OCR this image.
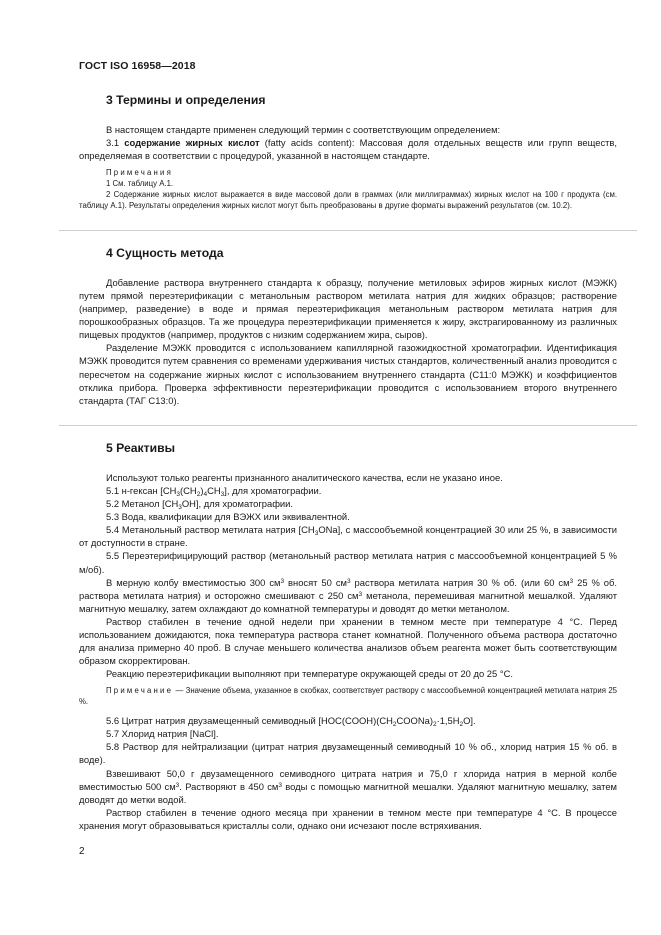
ГОСТ ISO 16958—2018
3 Термины и определения

В настоящем стандарте применен следующий термин с соответствующим определением:

3.1 содержание жирных кислот (fatty acids content): Массовая доля отдельных веществ или групп веществ, определяемая в соответствии с процедурой, указанной в настоящем стандарте.

Примечания

1 См. таблицу А.1.

2 Содержание жирных кислот выражается в виде массовой доли в граммах (или миллиграммах) жирных кислот на 100 г продукта (см. таблицу А.1). Результаты определения жирных кислот могут быть преобразованы в другие форматы выражений результатов (см. 10.2).

4 Сущность метода

Добавление раствора внутреннего стандарта к образцу, получение метиловых эфиров жирных кислот (МЭЖК) путем прямой переэтерификации с метанольным раствором метилата натрия для жидких образцов; растворение (например, разведение) в воде и прямая переэтерификация метанольным раствором метилата натрия для порошкообразных образцов. Та же процедура переэтерификации применяется к жиру, экстрагированному из различных пищевых продуктов (например, продуктов с низким содержанием жира, сыров).

Разделение МЭЖК проводится с использованием капиллярной газожидкостной хроматографии. Идентификация МЭЖК проводится путем сравнения со временами удерживания чистых стандартов, количественный анализ проводится с пересчетом на содержание жирных кислот с использованием внутреннего стандарта (С11:0 МЭЖК) и коэффициентов отклика прибора. Проверка эффективности переэтерификации проводится с использованием второго внутреннего стандарта (ТАГ С13:0).

5 Реактивы

Используют только реагенты признанного аналитического качества, если не указано иное.

5.1 н-гексан $[CH_3(CH_2)_4CH_3]$, для хроматографии.

5.2 Метанол $[CH_3OH]$, для хроматографии.

5.3 Вода, квалификации для ВЭЖХ или эквивалентной.

5.4 Метанольный раствор метилата натрия $[CH_3ONa]$, с массообъемной концентрацией 30 или 25 %, в зависимости от доступности в стране.

5.5 Переэтерифицирующий раствор (метанольный раствор метилата натрия с массообъемной концентрацией 5 % м/об).

В мерную колбу вместимостью 300 $см^3$ вносят 50 $см^3$ раствора метилата натрия 30 % об. (или 60 $см^3$ 25 % об. раствора метилата натрия) и осторожно смешивают с 250 $см^3$ метанола, перемешивая магнитной мешалкой. Удаляют магнитную мешалку, затем охлаждают до комнатной температуры и доводят до метки метанолом.

Раствор стабилен в течение одной недели при хранении в темном месте при температуре 4 °С. Перед использованием дожидаются, пока температура раствора станет комнатной. Полученного объема раствора достаточно для анализа примерно 40 проб. В случае меньшего количества анализов объем реагента может быть соответствующим образом скорректирован.

Реакцию переэтерификации выполняют при температуре окружающей среды от 20 до 25 °С.

Примечание — Значение объема, указанное в скобках, соответствует раствору с массообъемной концентрацией метилата натрия 25 %.

5.6 Цитрат натрия двузамещенный семиводный $[HOC(COOH)(CH_2COONa)_2\cdot 1,5H_2O]$.

5.7 Хлорид натрия [NaCl].

5.8 Раствор для нейтрализации (цитрат натрия двузамещенный семиводный 10 % об., хлорид натрия 15 % об. в воде).

Взвешивают 50,0 г двузамещенного семиводного цитрата натрия и 75,0 г хлорида натрия в мерной колбе вместимостью 500 $см^3$. Растворяют в 450 $см^3$ воды с помощью магнитной мешалки. Удаляют магнитную мешалку, затем доводят до метки водой.

Раствор стабилен в течение одного месяца при хранении в темном месте при температуре 4 °С. В процессе хранения могут образовываться кристаллы соли, однако они исчезают после встряхивания.

2
